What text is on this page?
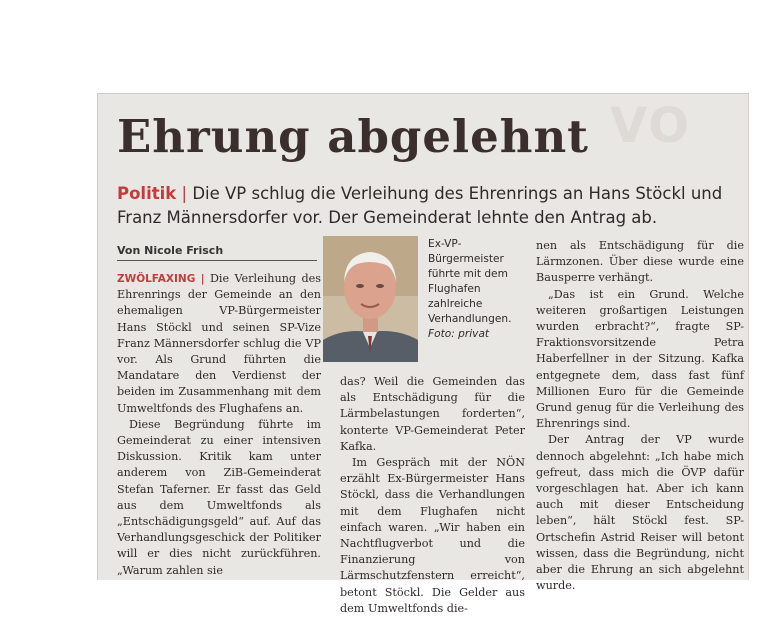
VO
Ehrung abgelehnt
Politik | Die VP schlug die Verleihung des Ehrenrings an Hans Stöckl und Franz Männersdorfer vor. Der Gemeinderat lehnte den Antrag ab.
Von Nicole Frisch

ZWÖLFAXING | Die Verleihung des Ehrenrings der Gemeinde an den ehemaligen VP-Bürgermeister Hans Stöckl und seinen SP-Vize Franz Männersdorfer schlug die VP vor. Als Grund führten die Mandatare den Verdienst der beiden im Zusammenhang mit dem Umweltfonds des Flughafens an.

Diese Begründung führte im Gemeinderat zu einer intensiven Diskussion. Kritik kam unter anderem von ZiB-Gemeinderat Stefan Taferner. Er fasst das Geld aus dem Umweltfonds als „Entschädigungsgeld“ auf. Auf das Verhandlungsgeschick der Politiker will er dies nicht zurückführen. „Warum zahlen sie

Ex-VP-Bürgermeister führte mit dem Flughafen zahlreiche Verhandlungen. Foto: privat

das? Weil die Gemeinden das als Entschädigung für die Lärmbelastungen forderten“, konterte VP-Gemeinderat Peter Kafka.

Im Gespräch mit der NÖN erzählt Ex-Bürgermeister Hans Stöckl, dass die Verhandlungen mit dem Flughafen nicht einfach waren. „Wir haben ein Nachtflugverbot und die Finanzierung von Lärmschutzfenstern erreicht“, betont Stöckl. Die Gelder aus dem Umweltfonds die-

nen als Entschädigung für die Lärmzonen. Über diese wurde eine Bausperre verhängt.

„Das ist ein Grund. Welche weiteren großartigen Leistungen wurden erbracht?“, fragte SP-Fraktionsvorsitzende Petra Haberfellner in der Sitzung. Kafka entgegnete dem, dass fast fünf Millionen Euro für die Gemeinde Grund genug für die Verleihung des Ehrenrings sind.

Der Antrag der VP wurde dennoch abgelehnt: „Ich habe mich gefreut, dass mich die ÖVP dafür vorgeschlagen hat. Aber ich kann auch mit dieser Entscheidung leben“, hält Stöckl fest. SP-Ortschefin Astrid Reiser will betont wissen, dass die Begründung, nicht aber die Ehrung an sich abgelehnt wurde.
